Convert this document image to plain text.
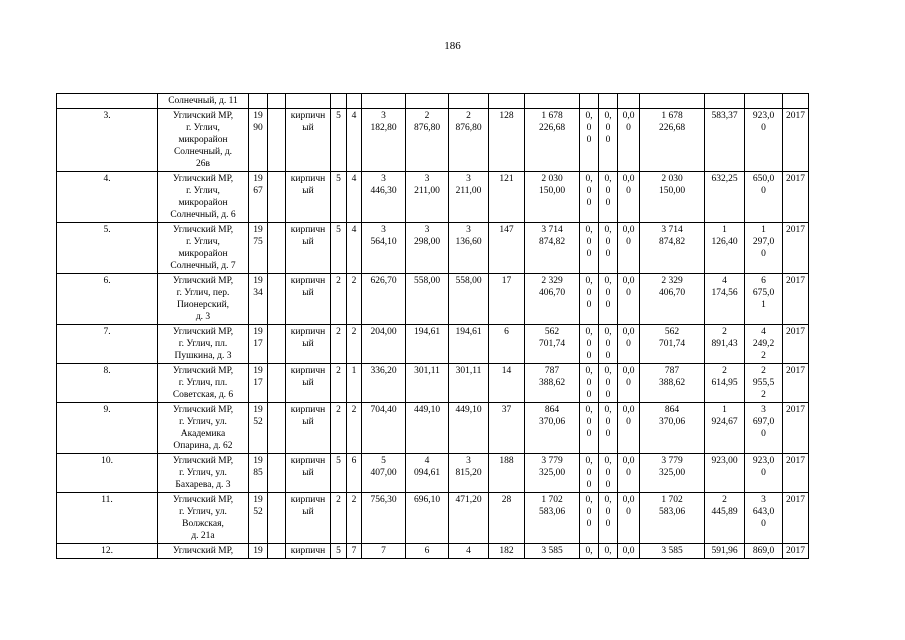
186
	Солнечный, д. 11																	
3.	Угличский МР,
г. Углич,
микрорайон
Солнечный, д.
26в	19
90		кирпичн
ый	5	4	3
182,80	2
876,80	2
876,80	128	1 678
226,68	0,
0
0	0,
0
0	0,0
0	1 678
226,68	583,37	923,0
0	2017
4.	Угличский МР,
г. Углич,
микрорайон
Солнечный, д. 6	19
67		кирпичн
ый	5	4	3
446,30	3
211,00	3
211,00	121	2 030
150,00	0,
0
0	0,
0
0	0,0
0	2 030
150,00	632,25	650,0
0	2017
5.	Угличский МР,
г. Углич,
микрорайон
Солнечный, д. 7	19
75		кирпичн
ый	5	4	3
564,10	3
298,00	3
136,60	147	3 714
874,82	0,
0
0	0,
0
0	0,0
0	3 714
874,82	1
126,40	1
297,0
0	2017
6.	Угличский МР,
г. Углич, пер.
Пионерский,
д. 3	19
34		кирпичн
ый	2	2	626,70	558,00	558,00	17	2 329
406,70	0,
0
0	0,
0
0	0,0
0	2 329
406,70	4
174,56	6
675,0
1	2017
7.	Угличский МР,
г. Углич, пл.
Пушкина, д. 3	19
17		кирпичн
ый	2	2	204,00	194,61	194,61	6	562
701,74	0,
0
0	0,
0
0	0,0
0	562
701,74	2
891,43	4
249,2
2	2017
8.	Угличский МР,
г. Углич, пл.
Советская, д. 6	19
17		кирпичн
ый	2	1	336,20	301,11	301,11	14	787
388,62	0,
0
0	0,
0
0	0,0
0	787
388,62	2
614,95	2
955,5
2	2017
9.	Угличский МР,
г. Углич, ул.
Академика
Опарина, д. 62	19
52		кирпичн
ый	2	2	704,40	449,10	449,10	37	864
370,06	0,
0
0	0,
0
0	0,0
0	864
370,06	1
924,67	3
697,0
0	2017
10.	Угличский МР,
г. Углич, ул.
Бахарева, д. 3	19
85		кирпичн
ый	5	6	5
407,00	4
094,61	3
815,20	188	3 779
325,00	0,
0
0	0,
0
0	0,0
0	3 779
325,00	923,00	923,0
0	2017
11.	Угличский МР,
г. Углич, ул.
Волжская,
д. 21а	19
52		кирпичн
ый	2	2	756,30	696,10	471,20	28	1 702
583,06	0,
0
0	0,
0
0	0,0
0	1 702
583,06	2
445,89	3
643,0
0	2017
12.	Угличский МР,	19		кирпичн	5	7	7	6	4	182	3 585	0,	0,	0,0	3 585	591,96	869,0	2017
